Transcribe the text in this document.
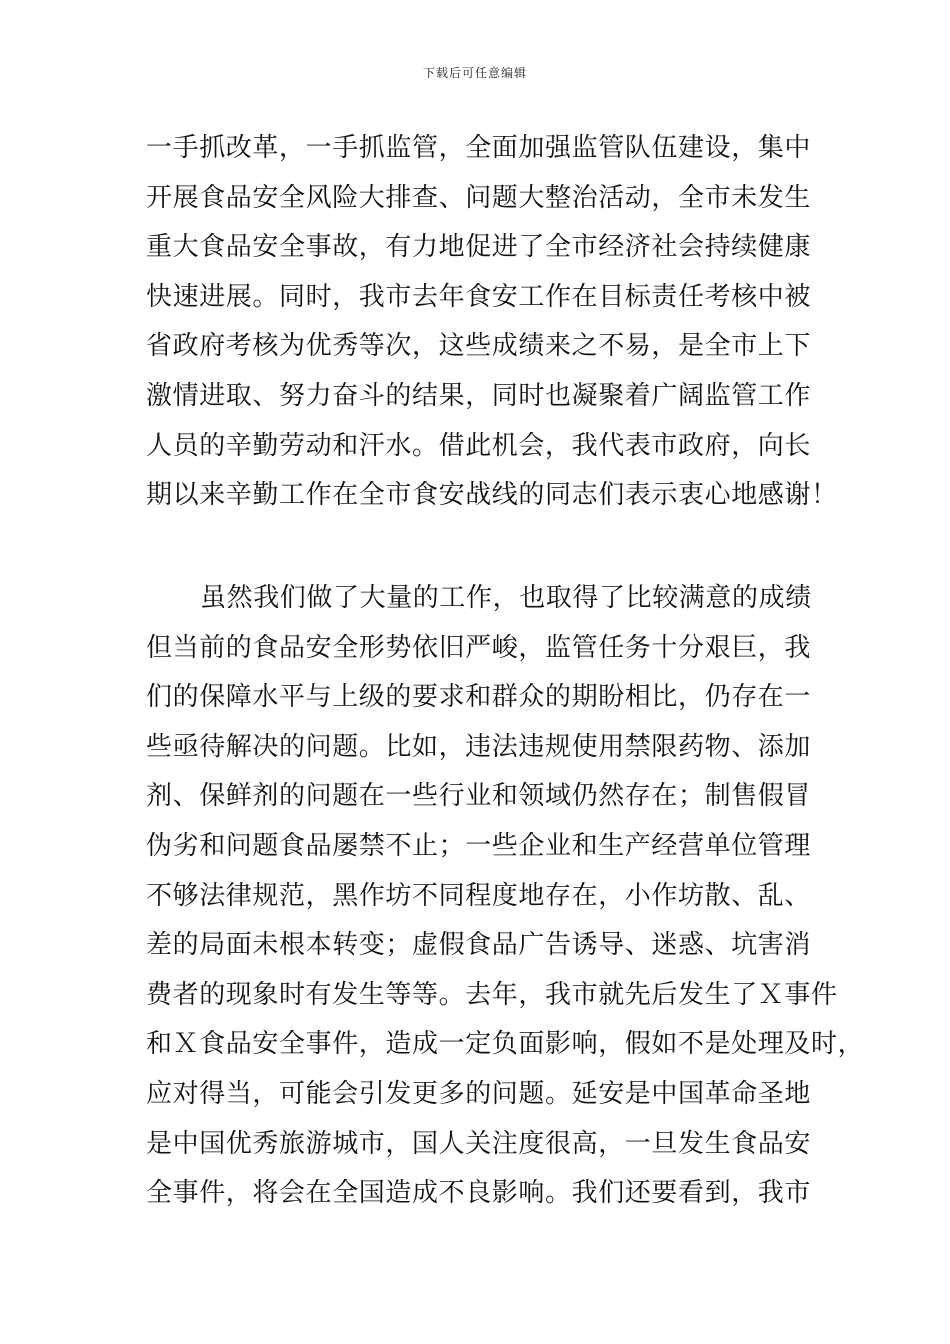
下载后可任意编辑
一手抓改革，一手抓监管，全面加强监管队伍建设，集中
开展食品安全风险大排查、问题大整治活动，全市未发生
重大食品安全事故，有力地促进了全市经济社会持续健康
快速进展。同时，我市去年食安工作在目标责任考核中被
省政府考核为优秀等次，这些成绩来之不易，是全市上下
激情进取、努力奋斗的结果，同时也凝聚着广阔监管工作
人员的辛勤劳动和汗水。借此机会，我代表市政府，向长
期以来辛勤工作在全市食安战线的同志们表示衷心地感谢！
虽然我们做了大量的工作，也取得了比较满意的成绩
但当前的食品安全形势依旧严峻，监管任务十分艰巨，我
们的保障水平与上级的要求和群众的期盼相比，仍存在一
些亟待解决的问题。比如，违法违规使用禁限药物、添加
剂、保鲜剂的问题在一些行业和领域仍然存在；制售假冒
伪劣和问题食品屡禁不止；一些企业和生产经营单位管理
不够法律规范，黑作坊不同程度地存在，小作坊散、乱、
差的局面未根本转变；虚假食品广告诱导、迷惑、坑害消
费者的现象时有发生等等。去年，我市就先后发生了Ｘ事件
和Ｘ食品安全事件，造成一定负面影响，假如不是处理及时，
应对得当，可能会引发更多的问题。延安是中国革命圣地
是中国优秀旅游城市，国人关注度很高，一旦发生食品安
全事件，将会在全国造成不良影响。我们还要看到，我市
